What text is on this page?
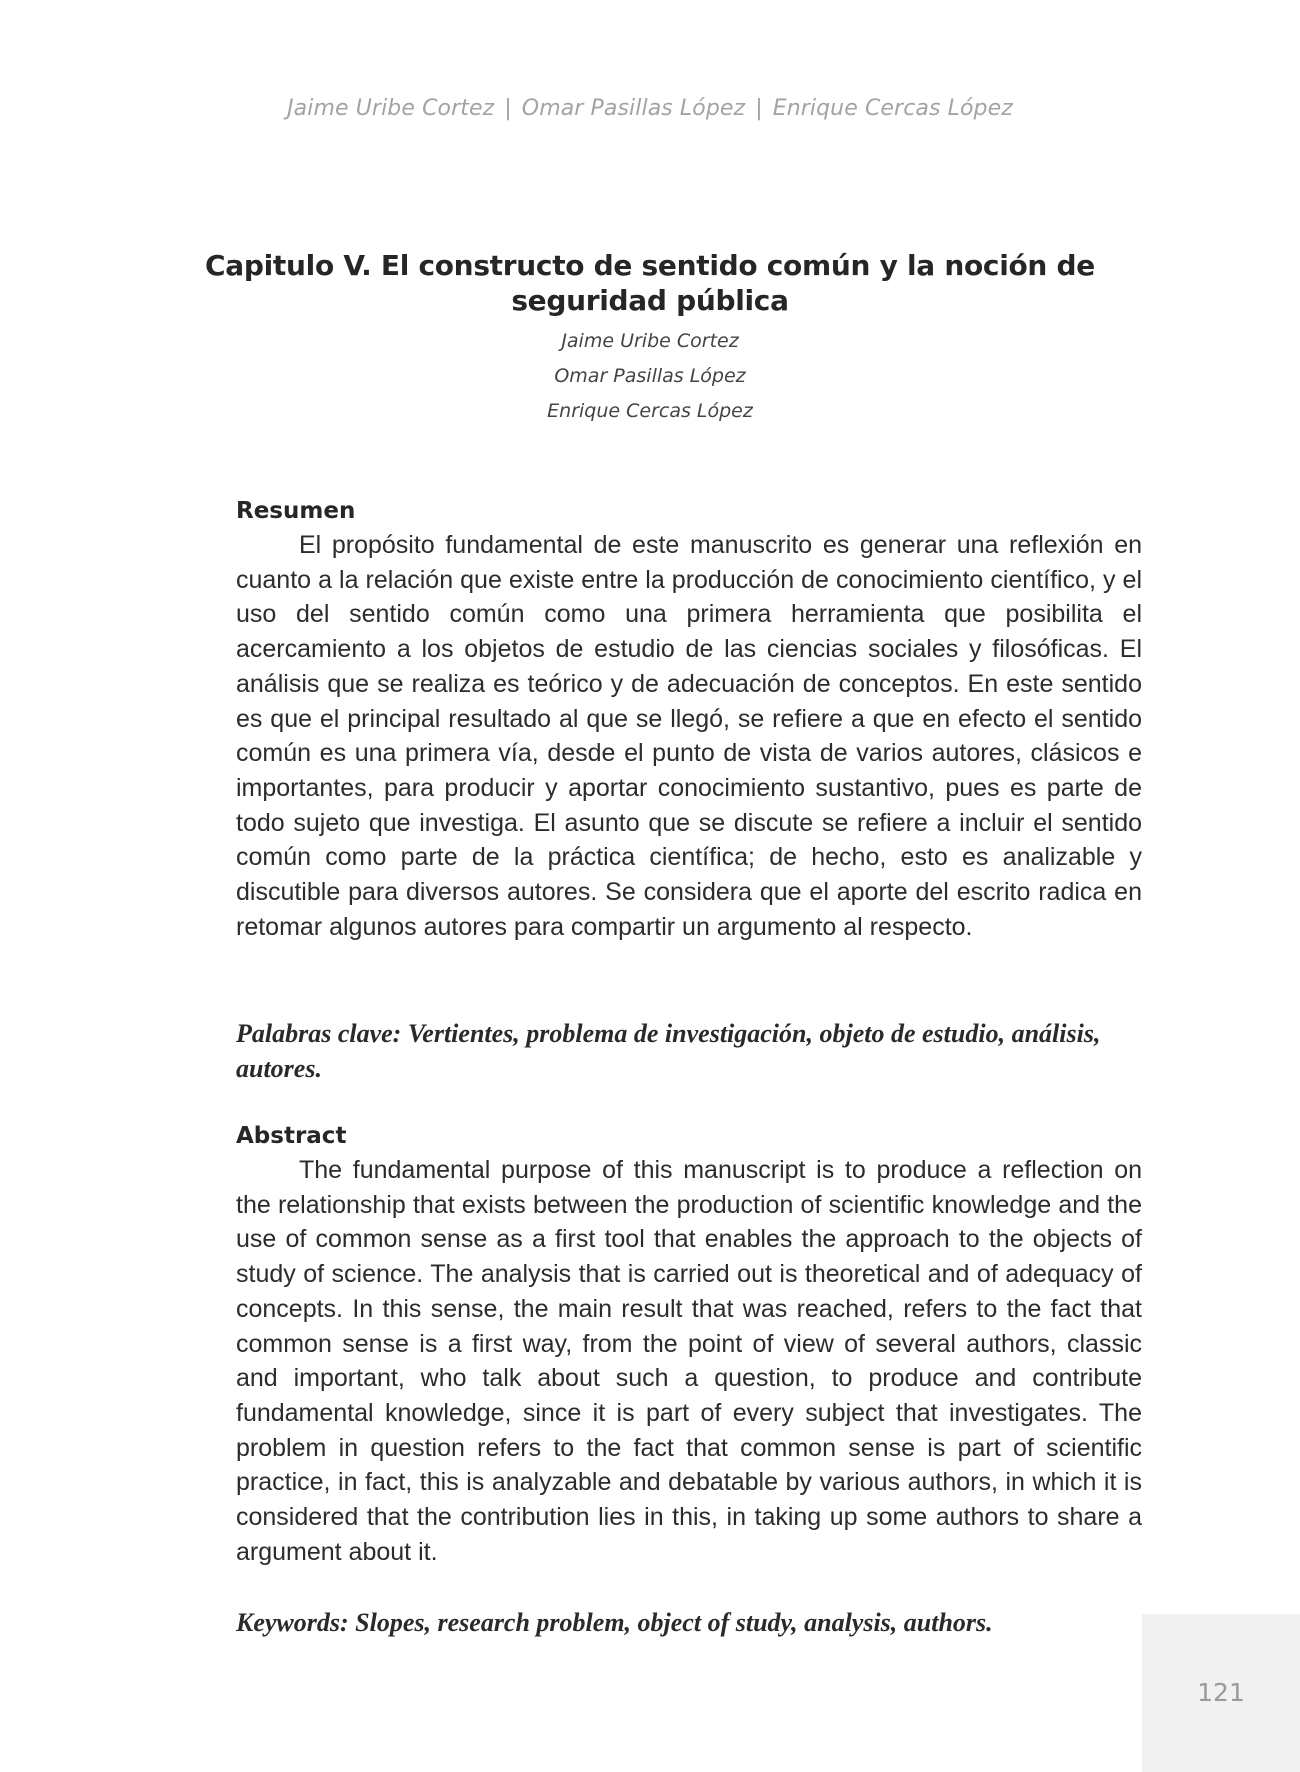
Jaime Uribe Cortez | Omar Pasillas López | Enrique Cercas López
Capitulo V. El constructo de sentido común y la noción de seguridad pública
Jaime Uribe Cortez
Omar Pasillas López
Enrique Cercas López
Resumen

El propósito fundamental de este manuscrito es generar una reflexión en cuanto a la relación que existe entre la producción de conocimiento científico, y el uso del sentido común como una primera herramienta que posibilita el acercamiento a los objetos de estudio de las ciencias sociales y filosóficas. El análisis que se realiza es teórico y de adecuación de conceptos. En este sentido es que el principal resultado al que se llegó, se refiere a que en efecto el sentido común es una primera vía, desde el punto de vista de varios autores, clásicos e importantes, para producir y aportar conocimiento sustantivo, pues es parte de todo sujeto que investiga. El asunto que se discute se refiere a incluir el sentido común como parte de la práctica científica; de hecho, esto es analizable y discutible para diversos autores. Se considera que el aporte del escrito radica en retomar algunos autores para compartir un argumento al respecto.

Palabras clave: Vertientes, problema de investigación, objeto de estudio, análisis, autores.

Abstract

The fundamental purpose of this manuscript is to produce a reflection on the relationship that exists between the production of scientific knowledge and the use of common sense as a first tool that enables the approach to the objects of study of science. The analysis that is carried out is theoretical and of adequacy of concepts. In this sense, the main result that was reached, refers to the fact that common sense is a first way, from the point of view of several authors, classic and important, who talk about such a question, to produce and contribute fundamental knowledge, since it is part of every subject that investigates. The problem in question refers to the fact that common sense is part of scientific practice, in fact, this is analyzable and debatable by various authors, in which it is considered that the contribution lies in this, in taking up some authors to share a argument about it.

Keywords: Slopes, research problem, object of study, analysis, authors.

121
